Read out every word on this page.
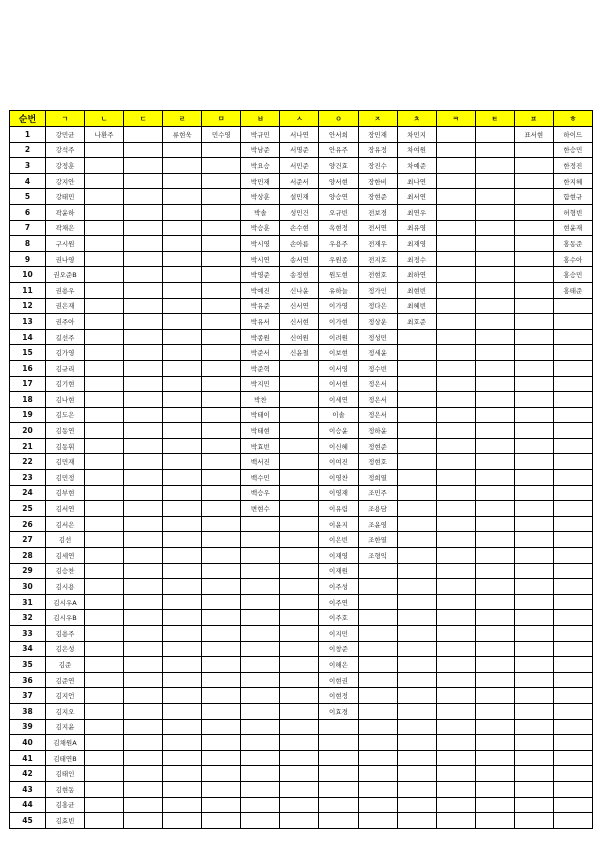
순번	ㄱ	ㄴ	ㄷ	ㄹ	ㅁ	ㅂ	ㅅ	ㅇ	ㅈ	ㅊ	ㅋ	ㅌ	ㅍ	ㅎ
1	강민균	나환주		류현욱	민수영	박규민	서나연	안서희	장민재	차민지			표서현	하이드
2	강석주					박남준	서명준	안유주	장유정	차여원				한승민
3	강정훈					박요승	서민준	양건효	장진수	차예준				한정진
4	강지안					박민재	서준서	양서현	장한비	최나연				한지혜
5	강태민					박상훈	설민재	양승연	장현준	최서연				함현규
6	곽윤하					박솔	성민건	오규빈	전보경	최연우				허형빈
7	곽채은					박승훈	손수현	옥현정	전서연	최유영				현윤재
8	구시원					박시영	손아름	우용주	전재우	최재영				홍동준
9	권나영					박시연	송서연	우원종	전지호	최정수				홍수아
10	권오준B					박영준	송정현	원도현	전현호	최하연				홍승민
11	권용우					박예진	신나윤	유하늘	정가인	최현빈				홍태준
12	권은재					박유준	신서연	이가영	정다은	최혜빈				
13	권주아					박유서	신서현	이가현	정상운	최호준				
14	길선주					박종원	신여원	이려원	정성민					
15	김가영					박준서	신윤철	이보현	정세윤					
16	김규리					박준혁		이서영	정수빈					
17	김기현					박지민		이서현	정은서					
18	김나현					박찬		이세연	정은서					
19	김도은					박태이		이솔	정은서					
20	김동연					박태현		이승윤	정하윤					
21	김동휘					박효빈		이신혜	정현준					
22	김민재					백서진		이여진	정현호					
23	김민정					백수민		이영찬	정희열					
24	김부현					백승우		이영재	조민주					
25	김서연					변현수		이유림	조용담					
26	김서은							이윤지	조윤영					
27	김선							이은빈	조한열					
28	김세연							이재영	조형익					
29	김승찬							이재원						
30	김시용							이주성						
31	김시우A							이주연						
32	김시우B							이주호						
33	김용주							이지민						
34	김은성							이창준						
35	김준							이해은						
36	김준연							이현권						
37	김지언							이현정						
38	김지오							이효경						
39	김지윤													
40	김채원A													
41	김태연B													
42	김태인													
43	김현동													
44	김홍균													
45	김효빈													
